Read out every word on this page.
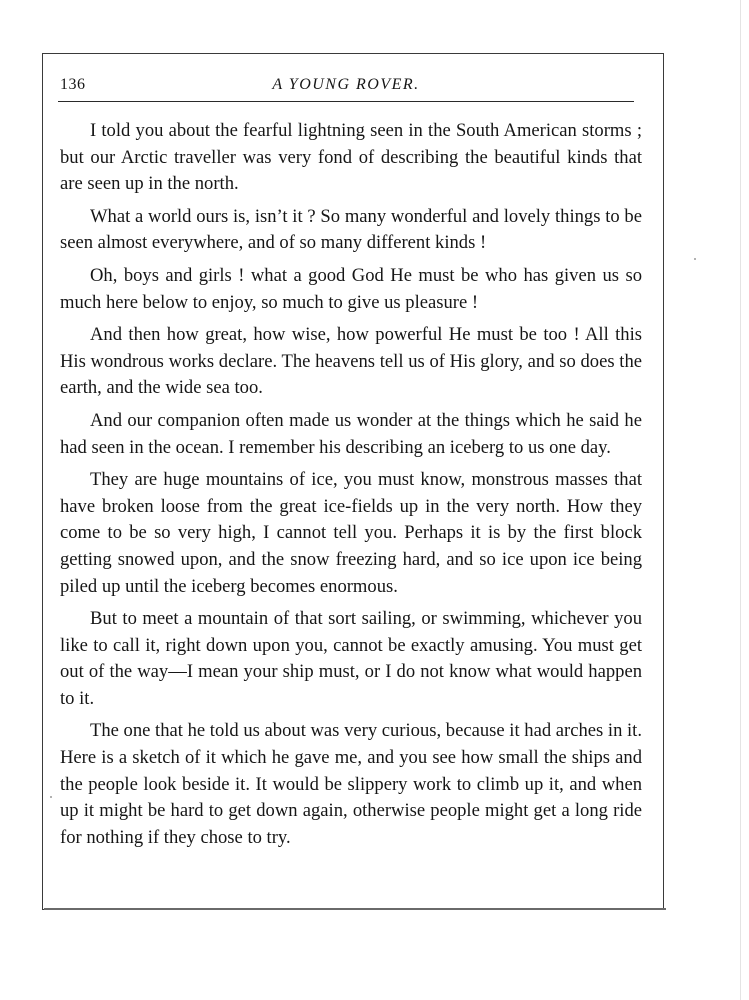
136	A YOUNG ROVER.

I told you about the fearful lightning seen in the South American storms ; but our Arctic traveller was very fond of describing the beautiful kinds that are seen up in the north.

What a world ours is, isn’t it ? So many wonderful and lovely things to be seen almost everywhere, and of so many different kinds !

Oh, boys and girls ! what a good God He must be who has given us so much here below to enjoy, so much to give us pleasure !

And then how great, how wise, how powerful He must be too ! All this His wondrous works declare. The heavens tell us of His glory, and so does the earth, and the wide sea too.

And our companion often made us wonder at the things which he said he had seen in the ocean. I remember his describing an iceberg to us one day.

They are huge mountains of ice, you must know, monstrous masses that have broken loose from the great ice-fields up in the very north. How they come to be so very high, I cannot tell you. Perhaps it is by the first block getting snowed upon, and the snow freezing hard, and so ice upon ice being piled up until the iceberg becomes enormous.

But to meet a mountain of that sort sailing, or swimming, whichever you like to call it, right down upon you, cannot be exactly amusing. You must get out of the way—I mean your ship must, or I do not know what would happen to it.

The one that he told us about was very curious, because it had arches in it. Here is a sketch of it which he gave me, and you see how small the ships and the people look beside it. It would be slippery work to climb up it, and when up it might be hard to get down again, otherwise people might get a long ride for nothing if they chose to try.
